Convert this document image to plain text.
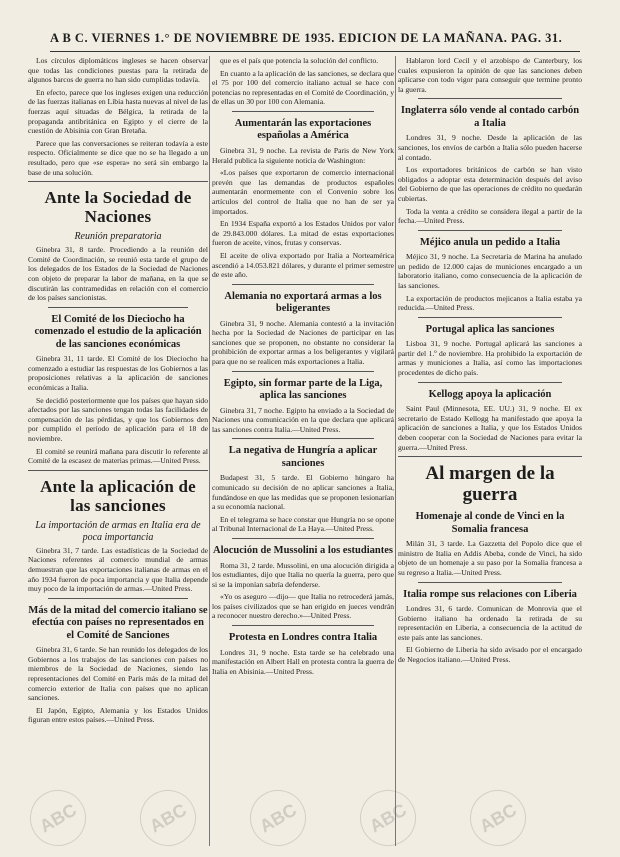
A B C. VIERNES 1.° DE NOVIEMBRE DE 1935. EDICION DE LA MAÑANA. PAG. 31.

Los círculos diplomáticos ingleses se hacen observar que todas las condiciones puestas para la retirada de algunos barcos de guerra no han sido cumplidas todavía.

En efecto, parece que los ingleses exigen una reducción de las fuerzas italianas en Libia hasta nuevas al nivel de las fuerzas aquí situadas de Bélgica, la retirada de la propaganda antibritánica en Egipto y el cierre de la cuestión de Abisinia con Gran Bretaña.

Parece que las conversaciones se reiteran todavía a este respecto. Oficialmente se dice que no se ha llegado a un resultado, pero que «se espera» no será sin embargo la base de una solución.

Ante la Sociedad de Naciones
Reunión preparatoria

Ginebra 31, 8 tarde. Procediendo a la reunión del Comité de Coordinación, se reunió esta tarde el grupo de los delegados de los Estados de la Sociedad de Naciones con objeto de preparar la labor de mañana, en la que se discutirán las contramedidas en relación con el comercio de los países sancionistas.

El Comité de los Dieciocho ha comenzado el estudio de la aplicación de las sanciones económicas

Ginebra 31, 11 tarde. El Comité de los Dieciocho ha comenzado a estudiar las respuestas de los Gobiernos a las proposiciones relativas a la aplicación de sanciones económicas a Italia.

Se decidió posteriormente que los países que hayan sido afectados por las sanciones tengan todas las facilidades de compensación de las pérdidas, y que los Gobiernos den por cumplido el período de aplicación para el 18 de noviembre.

El comité se reunirá mañana para discutir lo referente al Comité de la escasez de materias primas.—United Press.

Ante la aplicación de las sanciones
La importación de armas en Italia era de poca importancia

Ginebra 31, 7 tarde. Las estadísticas de la Sociedad de Naciones referentes al comercio mundial de armas demuestran que las exportaciones italianas de armas en el año 1934 fueron de poca importancia y que Italia depende muy poco de la importación de armas.—United Press.

Más de la mitad del comercio italiano se efectúa con países no representados en el Comité de Sanciones

Ginebra 31, 6 tarde. Se han reunido los delegados de los Gobiernos a los trabajos de las sanciones con países no miembros de la Sociedad de Naciones, siendo las representaciones del Comité en París más de la mitad del comercio exterior de Italia con países que no aplican sanciones.

El Japón, Egipto, Alemania y los Estados Unidos figuran entre estos países.—United Press.

que es el país que potencia la solución del conflicto.

En cuanto a la aplicación de las sanciones, se declara que el 75 por 100 del comercio italiano actual se hace con potencias no representadas en el Comité de Coordinación, y de ellas un 30 por 100 con Alemania.

Aumentarán las exportaciones españolas a América

Ginebra 31, 9 noche. La revista de Paris de New York Herald publica la siguiente noticia de Washington:

«Los países que exportaron de comercio internacional prevén que las demandas de productos españoles aumentarán enormemente con el Convenio sobre los artículos del control de Italia que no han de ser ya importados.

En 1934 España exportó a los Estados Unidos por valor de 29.843.000 dólares. La mitad de estas exportaciones fueron de aceite, vinos, frutas y conservas.

El aceite de oliva exportado por Italia a Norteamérica ascendió a 14.053.821 dólares, y durante el primer semestre de este año.

Alemania no exportará armas a los beligerantes

Ginebra 31, 9 noche. Alemania contestó a la invitación hecha por la Sociedad de Naciones de participar en las sanciones que se proponen, no obstante no considerar la prohibición de exportar armas a los beligerantes y vigilará para que no se realicen más exportaciones a Italia.

Egipto, sin formar parte de la Liga, aplica las sanciones

Ginebra 31, 7 noche. Egipto ha enviado a la Sociedad de Naciones una comunicación en la que declara que aplicará las sanciones contra Italia.—United Press.

La negativa de Hungría a aplicar sanciones

Budapest 31, 5 tarde. El Gobierno húngaro ha comunicado su decisión de no aplicar sanciones a Italia, fundándose en que las medidas que se proponen lesionarían a su economía nacional.

En el telegrama se hace constar que Hungría no se opone al Tribunal Internacional de La Haya.—United Press.

Alocución de Mussolini a los estudiantes

Roma 31, 2 tarde. Mussolini, en una alocución dirigida a los estudiantes, dijo que Italia no quería la guerra, pero que si se la imponían sabría defenderse.

«Yo os aseguro —dijo— que Italia no retrocederá jamás, los países civilizados que se han erigido en jueces vendrán a reconocer nuestro derecho.»—United Press.

Protesta en Londres contra Italia

Londres 31, 9 noche. Esta tarde se ha celebrado una manifestación en Albert Hall en protesta contra la guerra de Italia en Abisinia.—United Press.

Hablaron lord Cecil y el arzobispo de Canterbury, los cuales expusieron la opinión de que las sanciones deben aplicarse con todo vigor para conseguir que termine pronto la guerra.

Inglaterra sólo vende al contado carbón a Italia

Londres 31, 9 noche. Desde la aplicación de las sanciones, los envíos de carbón a Italia sólo pueden hacerse al contado.

Los exportadores británicos de carbón se han visto obligados a adoptar esta determinación después del aviso del Gobierno de que las operaciones de crédito no quedarán cubiertas.

Toda la venta a crédito se considera ilegal a partir de la fecha.—United Press.

Méjico anula un pedido a Italia

Méjico 31, 9 noche. La Secretaría de Marina ha anulado un pedido de 12.000 cajas de municiones encargado a un laboratorio italiano, como consecuencia de la aplicación de las sanciones.

La exportación de productos mejicanos a Italia estaba ya reducida.—United Press.

Portugal aplica las sanciones

Lisboa 31, 9 noche. Portugal aplicará las sanciones a partir del 1.º de noviembre. Ha prohibido la exportación de armas y municiones a Italia, así como las importaciones procedentes de dicho país.

Kellogg apoya la aplicación

Saint Paul (Minnesota, EE. UU.) 31, 9 noche. El ex secretario de Estado Kellogg ha manifestado que apoya la aplicación de sanciones a Italia, y que los Estados Unidos deben cooperar con la Sociedad de Naciones para evitar la guerra.—United Press.

Al margen de la guerra
Homenaje al conde de Vinci en la Somalia francesa

Milán 31, 3 tarde. La Gazzetta del Popolo dice que el ministro de Italia en Addis Abeba, conde de Vinci, ha sido objeto de un homenaje a su paso por la Somalia francesa a su regreso a Italia.—United Press.

Italia rompe sus relaciones con Liberia

Londres 31, 6 tarde. Comunican de Monrovia que el Gobierno italiano ha ordenado la retirada de su representación en Liberia, a consecuencia de la actitud de este país ante las sanciones.

El Gobierno de Liberia ha sido avisado por el encargado de Negocios italiano.—United Press.

ABC	ABC	ABC	ABC	ABC
